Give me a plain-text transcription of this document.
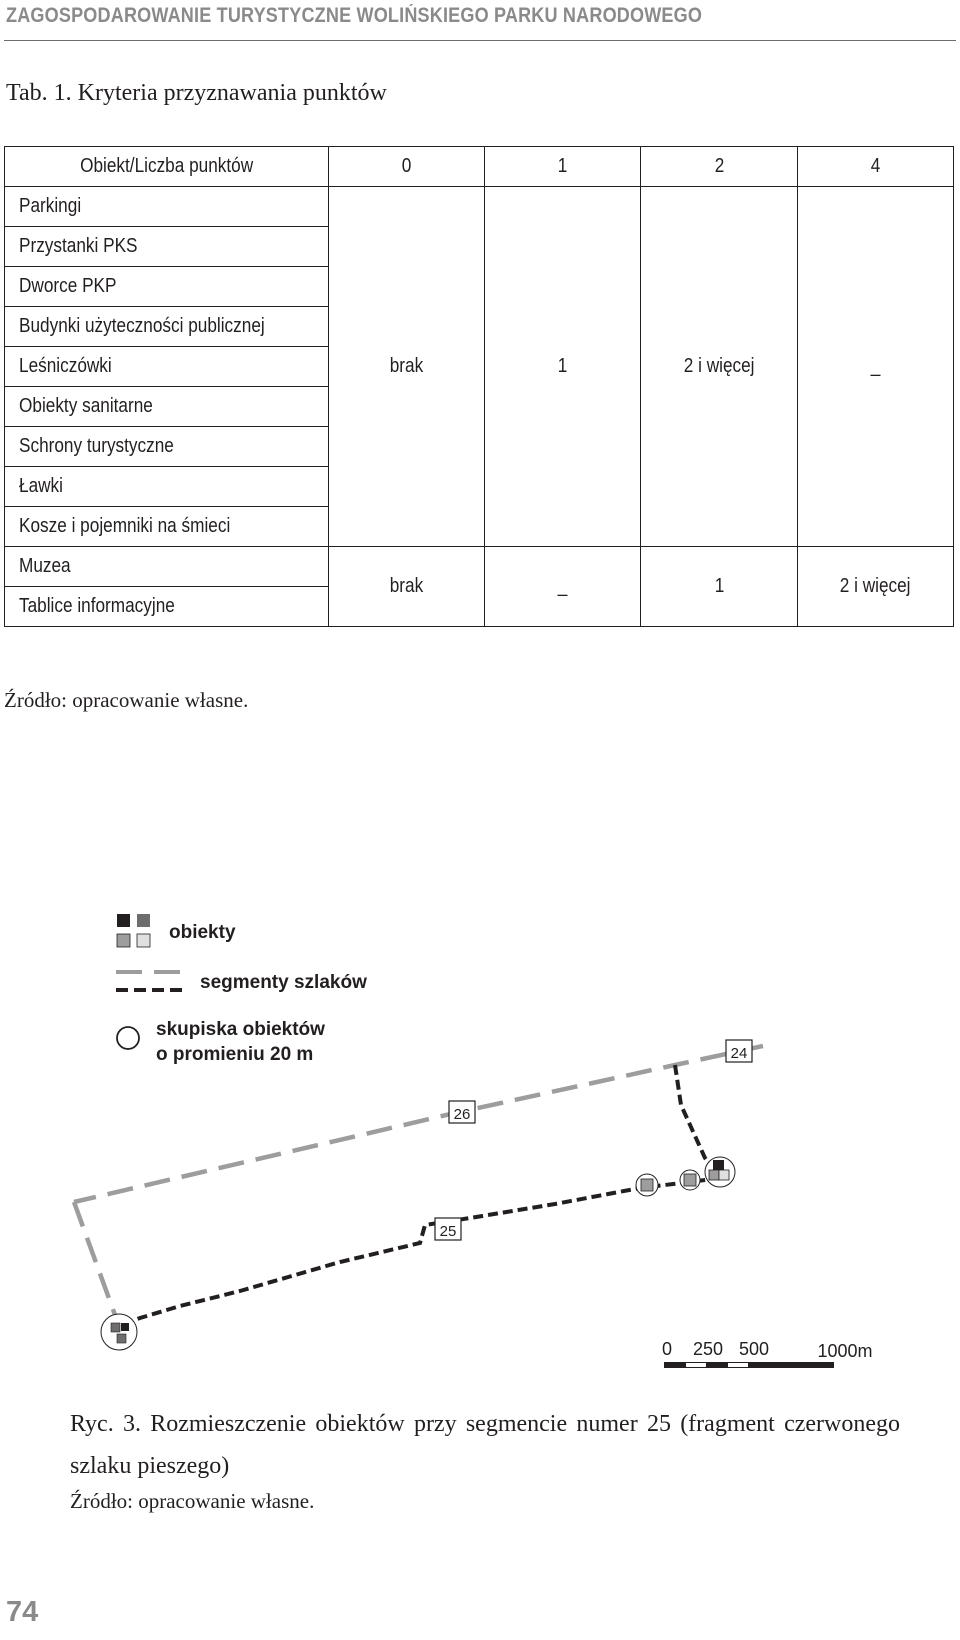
ZAGOSPODAROWANIE TURYSTYCZNE WOLIŃSKIEGO PARKU NARODOWEGO
Tab. 1. Kryteria przyznawania punktów
Obiekt/Liczba punktów	0	1	2	4
Parkingi	brak	1	2 i więcej	_
Przystanki PKS				
Dworce PKP				
Budynki użyteczności publicznej				
Leśniczówki				
Obiekty sanitarne				
Schrony turystyczne				
Ławki				
Kosze i pojemniki na śmieci				
Muzea	brak	_	1	2 i więcej
Tablice informacyjne				
Źródło: opracowanie własne.
obiekty
segmenty szlaków
skupiska obiektów
o promieniu 20 m	24
26
25
0 250 500	1000m
Ryc. 3. Rozmieszczenie obiektów przy segmencie numer 25 (fragment czerwonego szlaku pieszego)
Źródło: opracowanie własne.
74
